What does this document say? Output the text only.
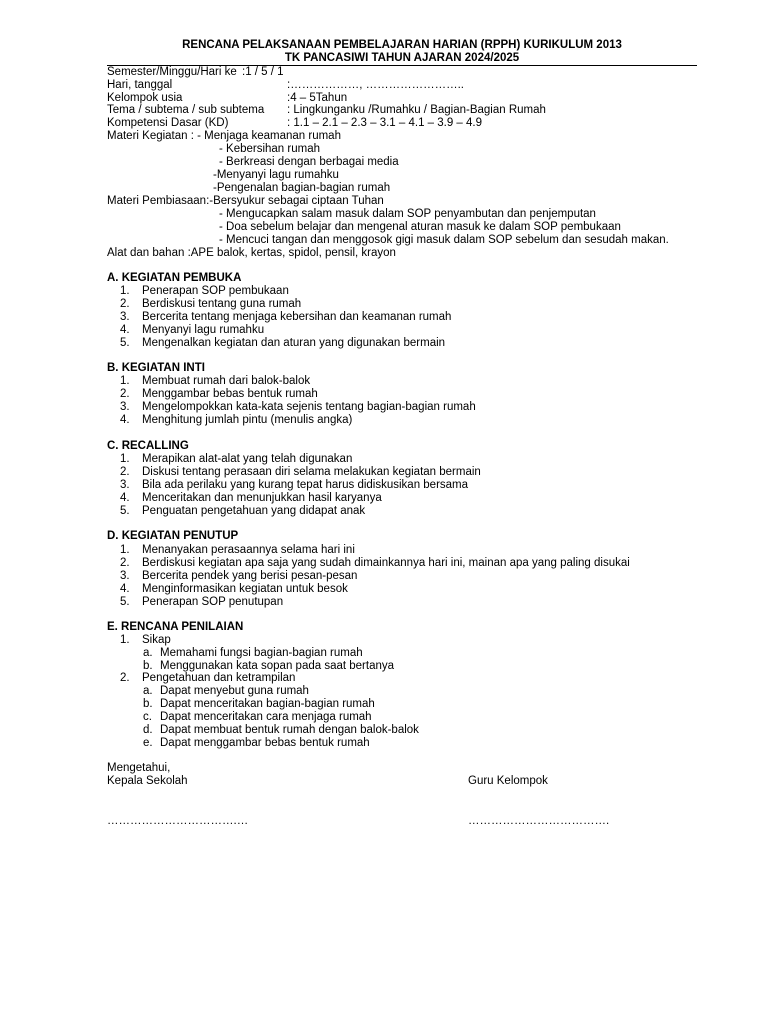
RENCANA PELAKSANAAN PEMBELAJARAN HARIAN (RPPH) KURIKULUM 2013
TK PANCASIWI TAHUN AJARAN 2024/2025
Semester/Minggu/Hari ke :1 / 5 / 1
Hari, tanggal	:………………, ……………………..
Kelompok usia	:4 – 5Tahun
Tema / subtema / sub subtema : Lingkunganku /Rumahku / Bagian-Bagian Rumah
Kompetensi Dasar (KD)	: 1.1 – 2.1 – 2.3 – 3.1 – 4.1 – 3.9 – 4.9
Materi Kegiatan : - Menjaga keamanan rumah
- Kebersihan rumah
- Berkreasi dengan berbagai media
-Menyanyi lagu rumahku
-Pengenalan bagian-bagian rumah
Materi Pembiasaan:-Bersyukur sebagai ciptaan Tuhan
- Mengucapkan salam masuk dalam SOP penyambutan dan penjemputan
- Doa sebelum belajar dan mengenal aturan masuk ke dalam SOP pembukaan
- Mencuci tangan dan menggosok gigi masuk dalam SOP sebelum dan sesudah makan.
Alat dan bahan :APE balok, kertas, spidol, pensil, krayon
A. KEGIATAN PEMBUKA
1. Penerapan SOP pembukaan
2. Berdiskusi tentang guna rumah
3. Bercerita tentang menjaga kebersihan dan keamanan rumah
4. Menyanyi lagu rumahku
5. Mengenalkan kegiatan dan aturan yang digunakan bermain
B. KEGIATAN INTI
1. Membuat rumah dari balok-balok
2. Menggambar bebas bentuk rumah
3. Mengelompokkan kata-kata sejenis tentang bagian-bagian rumah
4. Menghitung jumlah pintu (menulis angka)
C. RECALLING
1. Merapikan alat-alat yang telah digunakan
2. Diskusi tentang perasaan diri selama melakukan kegiatan bermain
3. Bila ada perilaku yang kurang tepat harus didiskusikan bersama
4. Menceritakan dan menunjukkan hasil karyanya
5. Penguatan pengetahuan yang didapat anak
D. KEGIATAN PENUTUP
1. Menanyakan perasaannya selama hari ini
2. Berdiskusi kegiatan apa saja yang sudah dimainkannya hari ini, mainan apa yang paling disukai
3. Bercerita pendek yang berisi pesan-pesan
4. Menginformasikan kegiatan untuk besok
5. Penerapan SOP penutupan
E. RENCANA PENILAIAN
1. Sikap
a. Memahami fungsi bagian-bagian rumah
b. Menggunakan kata sopan pada saat bertanya
2. Pengetahuan dan ketrampilan
a. Dapat menyebut guna rumah
b. Dapat menceritakan bagian-bagian rumah
c. Dapat menceritakan cara menjaga rumah
d. Dapat membuat bentuk rumah dengan balok-balok
e. Dapat menggambar bebas bentuk rumah
Mengetahui,
Kepala Sekolah	Guru Kelompok
…………………………….…	……………………………….
